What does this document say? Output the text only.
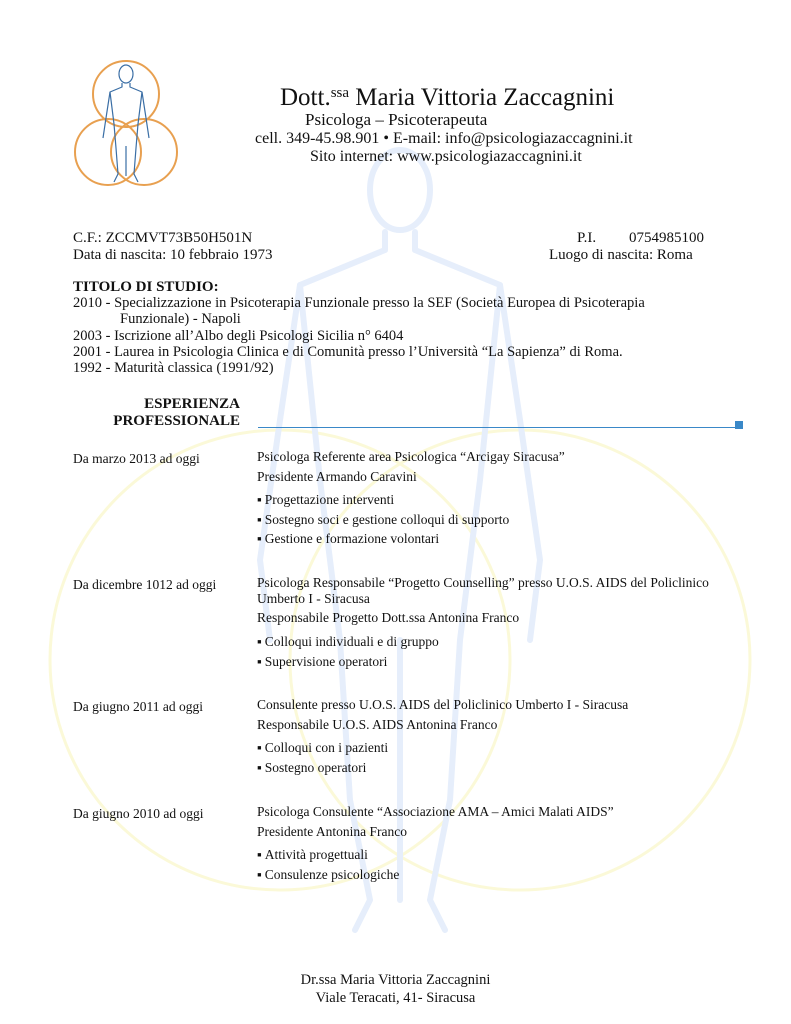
Dott.$^{ssa}$ Maria Vittoria Zaccagnini
Psicologa – Psicoterapeuta
cell. 349-45.98.901 • E-mail: info@psicologiazaccagnini.it
Sito internet: www.psicologiazaccagnini.it
C.F.: ZCCMVT73B50H501N	P.I. 0754985100
Data di nascita: 10 febbraio 1973	Luogo di nascita: Roma
TITOLO DI STUDIO:
2010 - Specializzazione in Psicoterapia Funzionale presso la SEF (Società Europea di Psicoterapia
Funzionale) - Napoli
2003 - Iscrizione all’Albo degli Psicologi Sicilia n° 6404
2001 - Laurea in Psicologia Clinica e di Comunità presso l’Università “La Sapienza” di Roma.
1992 - Maturità classica (1991/92)
ESPERIENZA
PROFESSIONALE
Da marzo 2013 ad oggi	Psicologa Referente area Psicologica “Arcigay Siracusa”
Presidente Armando Caravini
▪ Progettazione interventi
▪ Sostegno soci e gestione colloqui di supporto
▪ Gestione e formazione volontari
Da dicembre 1012 ad oggi	Psicologa Responsabile “Progetto Counselling” presso U.O.S. AIDS del Policlinico Umberto I - Siracusa
Responsabile Progetto Dott.ssa Antonina Franco
▪ Colloqui individuali e di gruppo
▪ Supervisione operatori
Da giugno 2011 ad oggi	Consulente presso U.O.S. AIDS del Policlinico Umberto I - Siracusa
Responsabile U.O.S. AIDS Antonina Franco
▪ Colloqui con i pazienti
▪ Sostegno operatori
Da giugno 2010 ad oggi	Psicologa Consulente “Associazione AMA – Amici Malati AIDS”
Presidente Antonina Franco
▪ Attività progettuali
▪ Consulenze psicologiche
Dr.ssa Maria Vittoria Zaccagnini
Viale Teracati, 41- Siracusa
